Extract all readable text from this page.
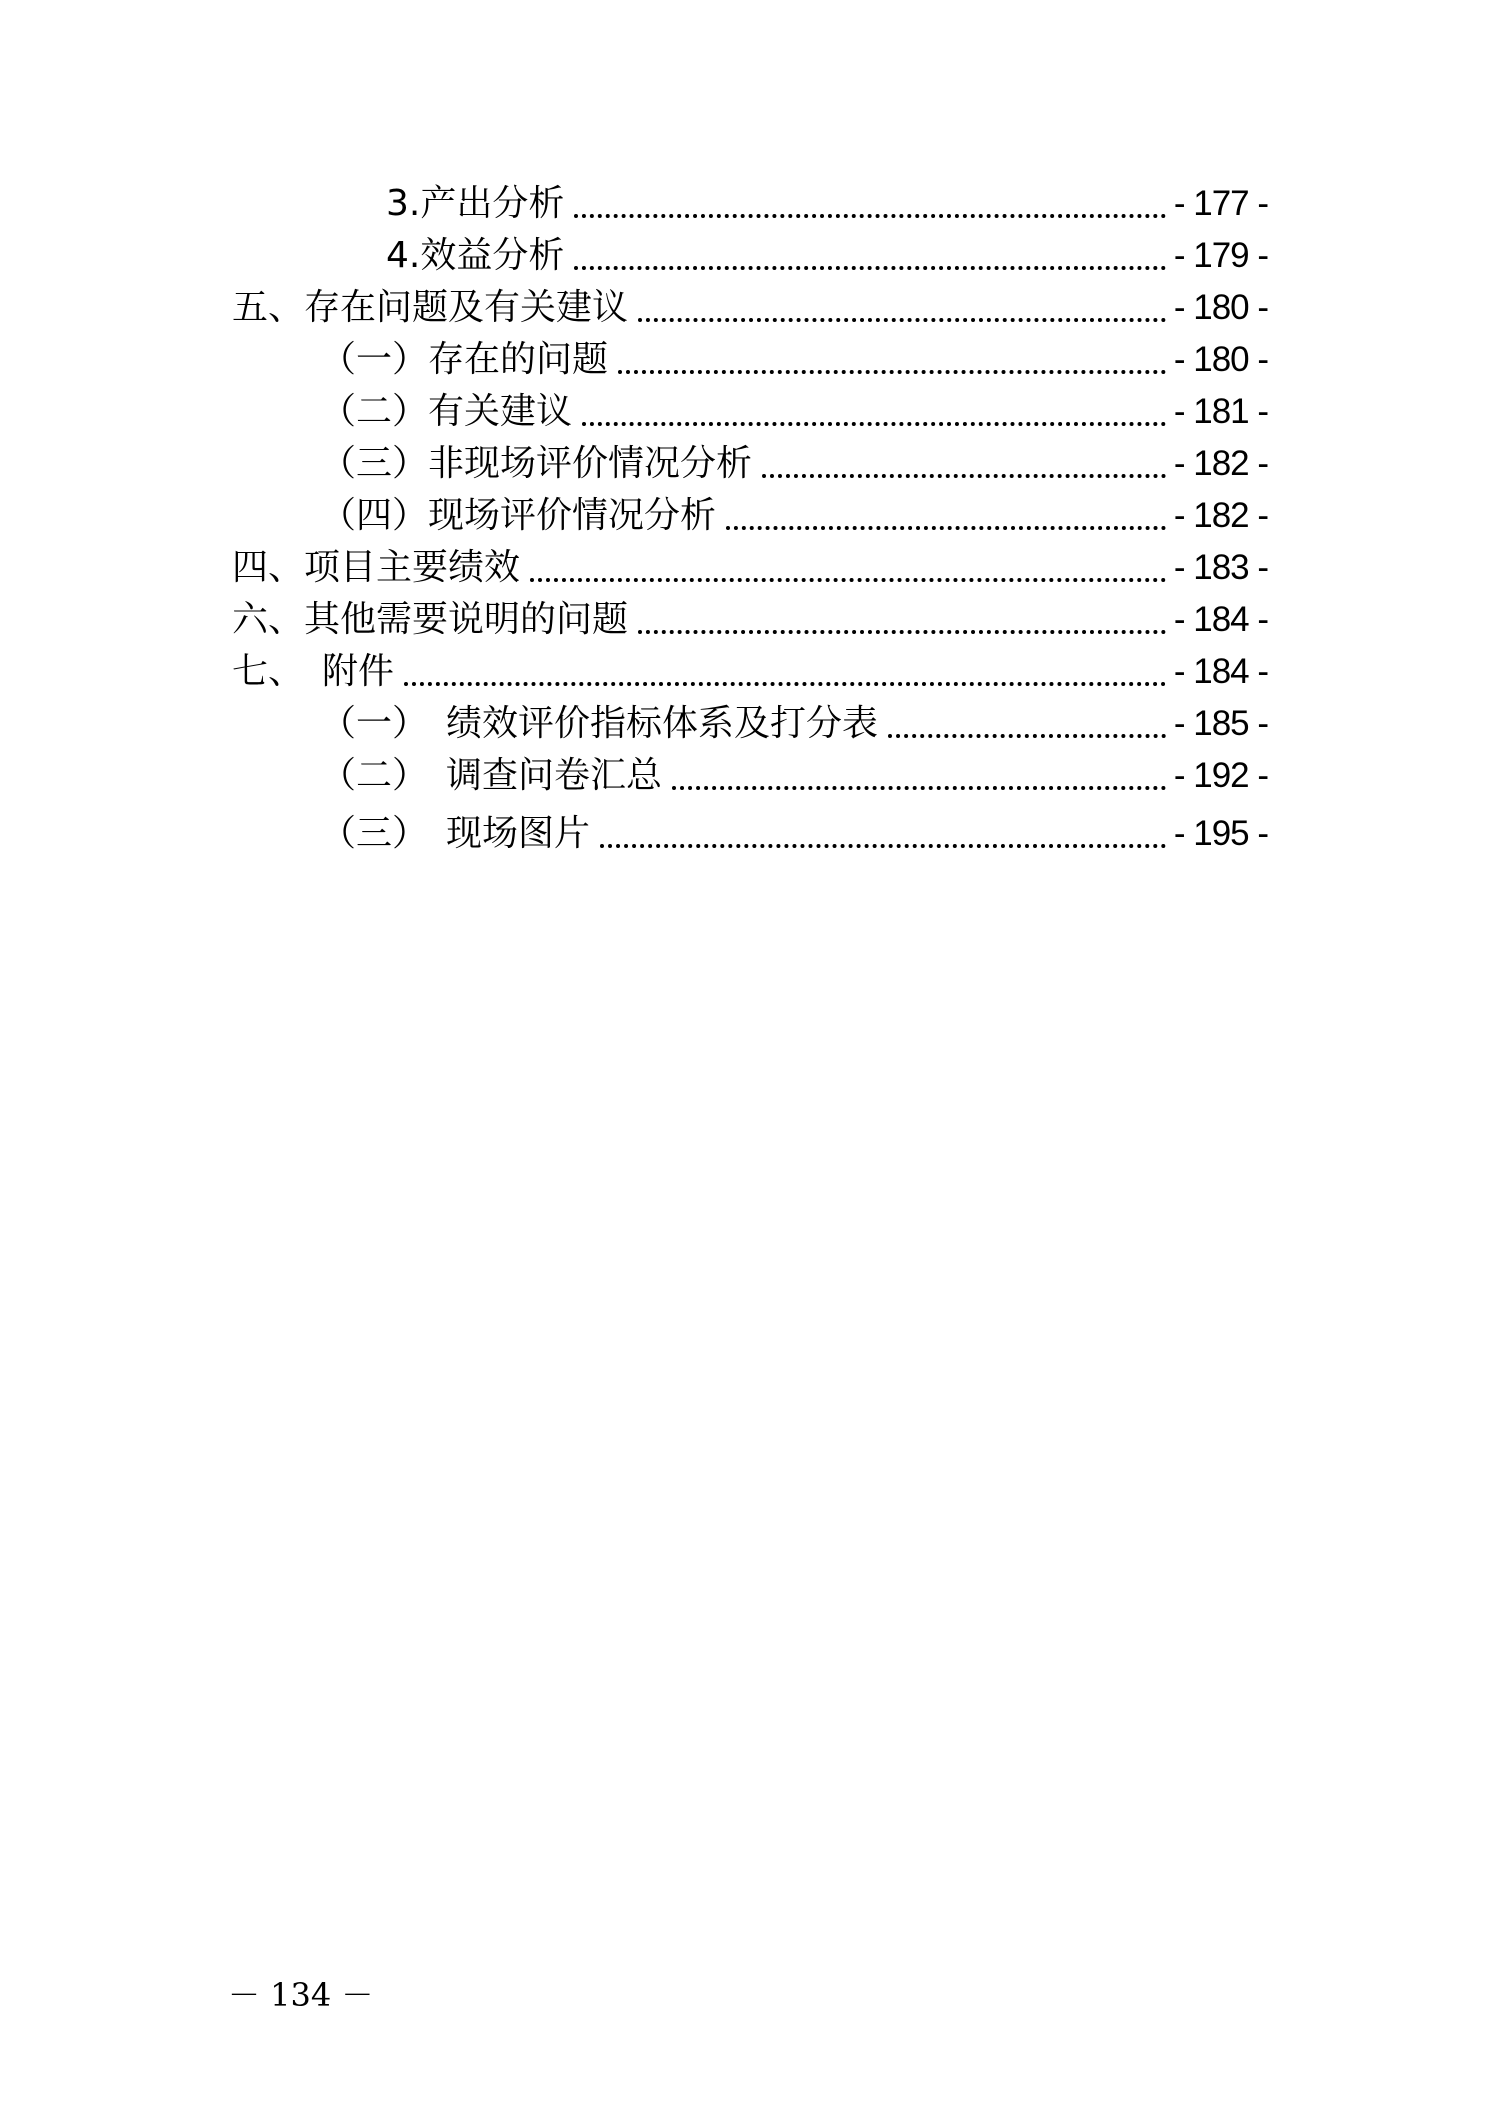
3.产出分析	- 177 -
4.效益分析	- 179 -
五、存在问题及有关建议	- 180 -
（一）存在的问题	- 180 -
（二）有关建议	- 181 -
（三）非现场评价情况分析	- 182 -
（四）现场评价情况分析	- 182 -
四、项目主要绩效	- 183 -
六、其他需要说明的问题	- 184 -
七、　附件	- 184 -
（一）　绩效评价指标体系及打分表	- 185 -
（二）　调查问卷汇总	- 192 -
（三）　现场图片	- 195 -
－ 134 －
